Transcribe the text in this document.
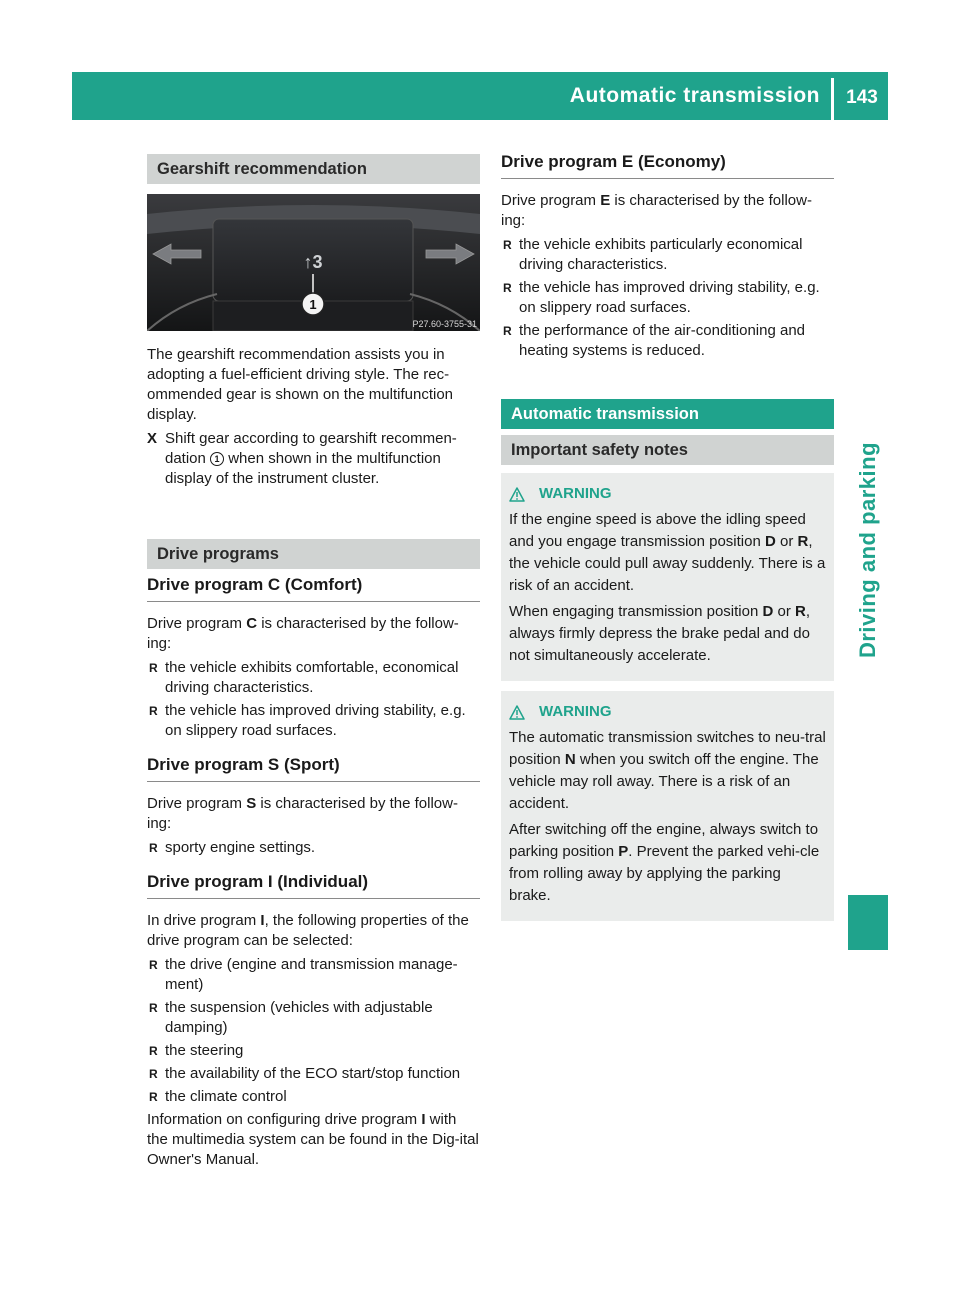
Automatic transmission	143
Driving and parking
Gearshift recommendation
↑3
1
P27.60-3755-31

The gearshift recommendation assists you in adopting a fuel-efficient driving style. The rec-ommended gear is shown on the multifunction display.

X Shift gear according to gearshift recommen-dation 1 when shown in the multifunction display of the instrument cluster.
Drive programs
Drive program C (Comfort)

Drive program C is characterised by the follow-ing:

R the vehicle exhibits comfortable, economical driving characteristics.
R the vehicle has improved driving stability, e.g. on slippery road surfaces.
Drive program S (Sport)

Drive program S is characterised by the follow-ing:

R sporty engine settings.
Drive program I (Individual)

In drive program I, the following properties of the drive program can be selected:

R the drive (engine and transmission manage-ment)
R the suspension (vehicles with adjustable damping)
R the steering
R the availability of the ECO start/stop function
R the climate control

Information on configuring drive program I with the multimedia system can be found in the Dig-ital Owner's Manual.

Drive program E (Economy)

Drive program E is characterised by the follow-ing:

R the vehicle exhibits particularly economical driving characteristics.
R the vehicle has improved driving stability, e.g. on slippery road surfaces.
R the performance of the air-conditioning and heating systems is reduced.
Automatic transmission
Important safety notes
WARNING

If the engine speed is above the idling speed and you engage transmission position D or R, the vehicle could pull away suddenly. There is a risk of an accident.

When engaging transmission position D or R, always firmly depress the brake pedal and do not simultaneously accelerate.

WARNING

The automatic transmission switches to neu-tral position N when you switch off the engine. The vehicle may roll away. There is a risk of an accident.

After switching off the engine, always switch to parking position P. Prevent the parked vehi-cle from rolling away by applying the parking brake.
